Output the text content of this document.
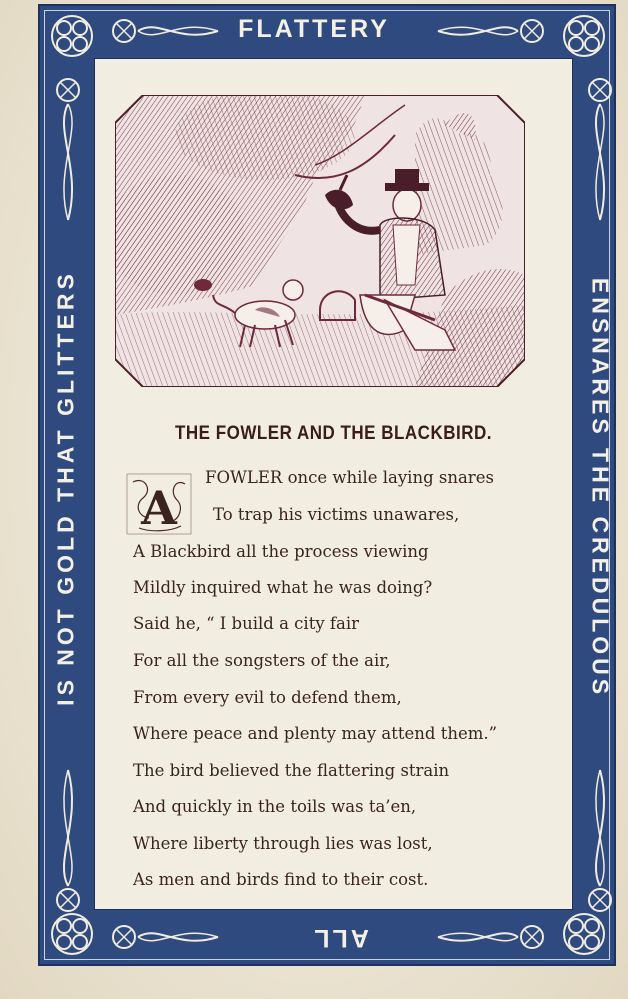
FLATTERY
ALL
IS NOT GOLD THAT GLITTERS	ENSNARES THE CREDULOUS
THE FOWLER AND THE BLACKBIRD.
A
FOWLER once while laying snares
To trap his victims unawares,
A Blackbird all the process viewing
Mildly inquired what he was doing?
Said he, “ I build a city fair
For all the songsters of the air,
From every evil to defend them,
Where peace and plenty may attend them.”
The bird believed the flattering strain
And quickly in the toils was ta’en,
Where liberty through lies was lost,
As men and birds find to their cost.
